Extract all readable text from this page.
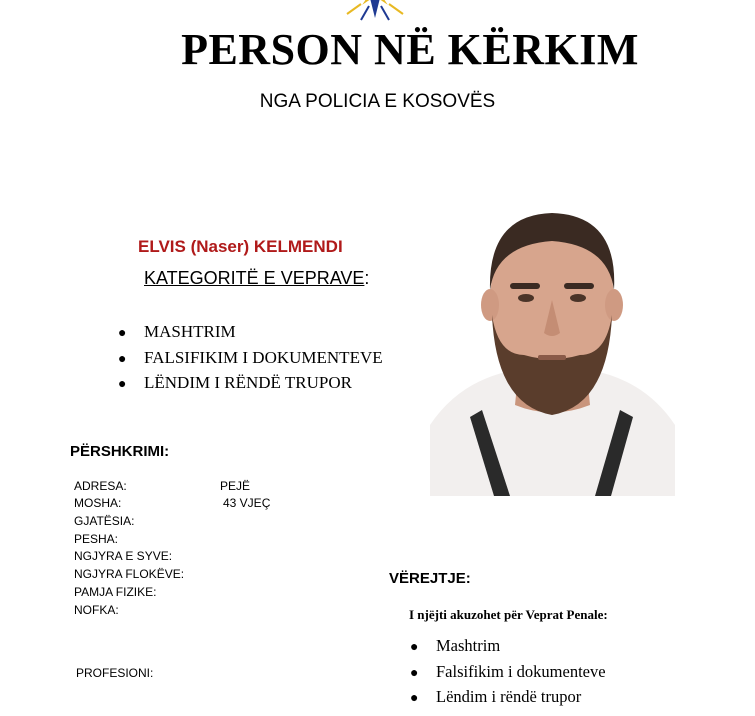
PERSON NË KËRKIM
NGA POLICIA E KOSOVËS
ELVIS (Naser) KELMENDI
KATEGORITË E VEPRAVE:
● MASHTRIM
● FALSIFIKIM I DOKUMENTEVE
● LËNDIM I RËNDË TRUPOR
PËRSHKRIMI:
ADRESA:	PEJË
MOSHA:	43 VJEÇ
GJATËSIA:
PESHA:
NGJYRA E SYVE:
NGJYRA FLOKËVE:
PAMJA FIZIKE:
NOFKA:
PROFESIONI:
VËREJTJE:
I njëjti akuzohet për Veprat Penale:
● Mashtrim
● Falsifikim i dokumenteve
● Lëndim i rëndë trupor
